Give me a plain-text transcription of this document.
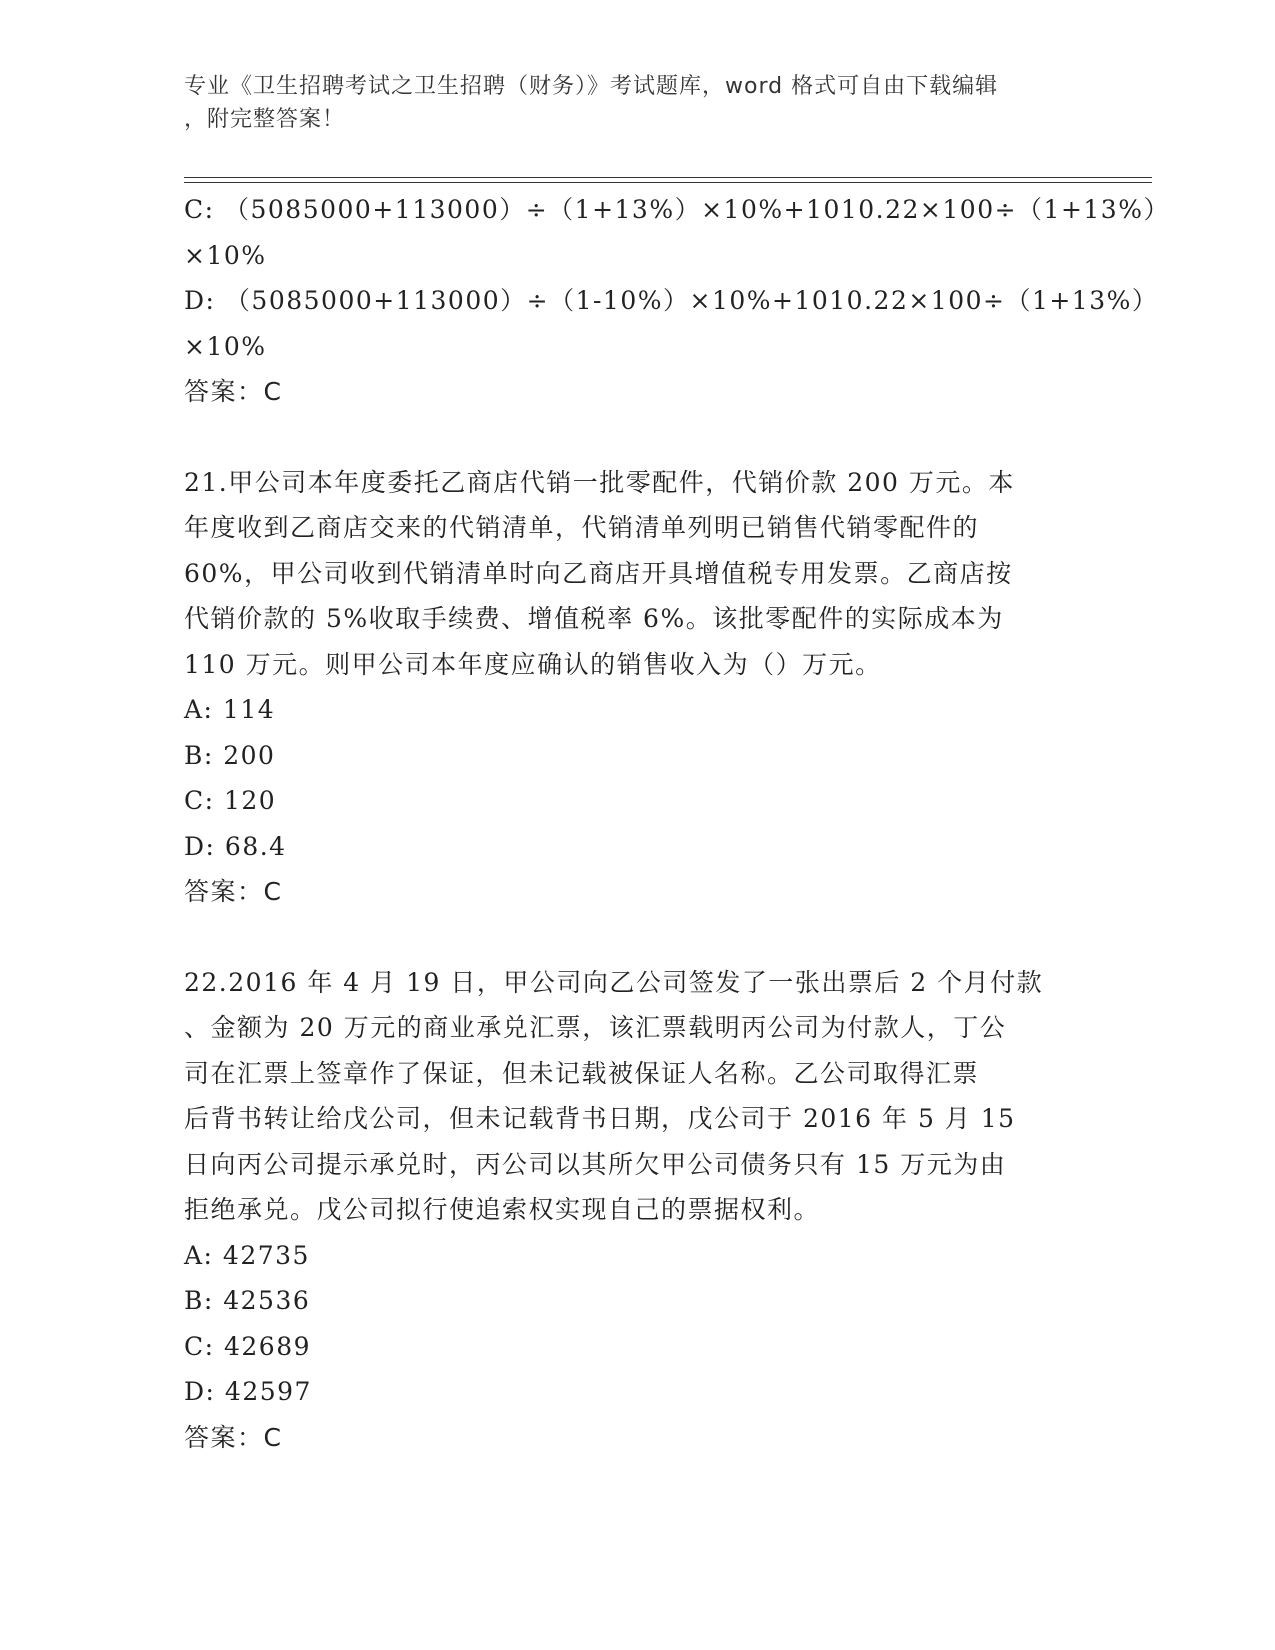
专业《卫生招聘考试之卫生招聘（财务）》考试题库，word 格式可自由下载编辑
，附完整答案！
C: （5085000+113000）÷（1+13%）×10%+1010.22×100÷（1+13%）
×10%
D: （5085000+113000）÷（1-10%）×10%+1010.22×100÷（1+13%）
×10%
答案：C
21.甲公司本年度委托乙商店代销一批零配件，代销价款 200 万元。本
年度收到乙商店交来的代销清单，代销清单列明已销售代销零配件的
60%，甲公司收到代销清单时向乙商店开具增值税专用发票。乙商店按
代销价款的 5%收取手续费、增值税率 6%。该批零配件的实际成本为
110 万元。则甲公司本年度应确认的销售收入为（）万元。
A: 114
B: 200
C: 120
D: 68.4
答案：C
22.2016 年 4 月 19 日，甲公司向乙公司签发了一张出票后 2 个月付款
、金额为 20 万元的商业承兑汇票，该汇票载明丙公司为付款人，丁公
司在汇票上签章作了保证，但未记载被保证人名称。乙公司取得汇票
后背书转让给戊公司，但未记载背书日期，戊公司于 2016 年 5 月 15
日向丙公司提示承兑时，丙公司以其所欠甲公司债务只有 15 万元为由
拒绝承兑。戊公司拟行使追索权实现自己的票据权利。
A: 42735
B: 42536
C: 42689
D: 42597
答案：C
